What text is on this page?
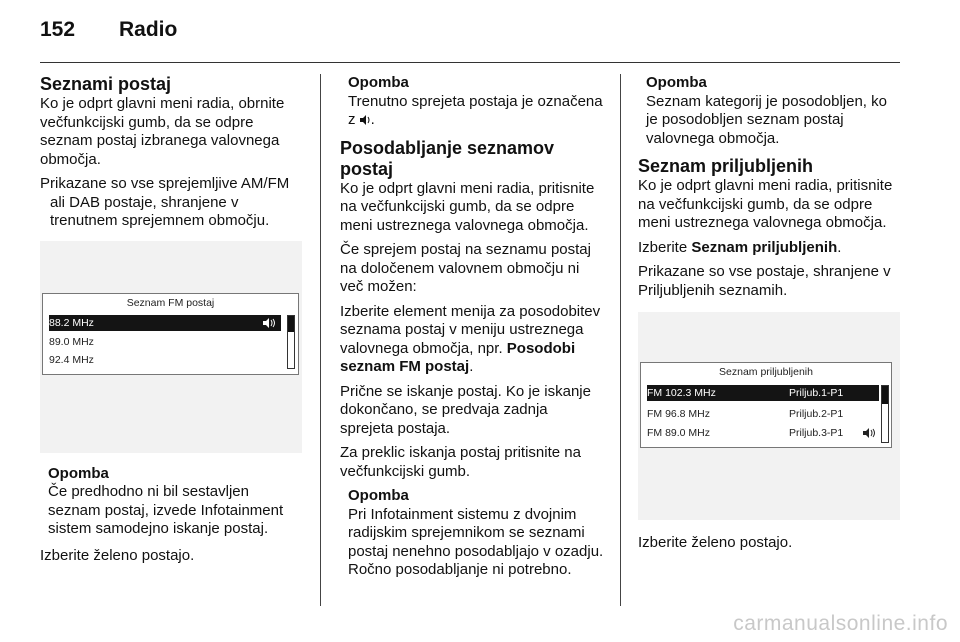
152 Radio
Seznami postaj

Ko je odprt glavni meni radia, obrnite večfunkcijski gumb, da se odpre seznam postaj izbranega valovnega območja.

Prikazane so vse sprejemljive AM/FM ali DAB postaje, shranjene v trenutnem sprejemnem območju.

Seznam FM postaj
88.2 MHz
89.0 MHz
92.4 MHz
Opomba
Če predhodno ni bil sestavljen seznam postaj, izvede Infotainment sistem samodejno iskanje postaj.

Izberite želeno postajo.

Opomba
Trenutno sprejeta postaja je označena z .
Posodabljanje seznamov postaj

Ko je odprt glavni meni radia, pritisnite na večfunkcijski gumb, da se odpre meni ustreznega valovnega območja.

Če sprejem postaj na seznamu postaj na določenem valovnem območju ni več možen:

Izberite element menija za posodobitev seznama postaj v meniju ustreznega valovnega območja, npr. Posodobi seznam FM postaj.

Prične se iskanje postaj. Ko je iskanje dokončano, se predvaja zadnja sprejeta postaja.

Za preklic iskanja postaj pritisnite na večfunkcijski gumb.

Opomba
Pri Infotainment sistemu z dvojnim radijskim sprejemnikom se seznami postaj nenehno posodabljajo v ozadju. Ročno posodabljanje ni potrebno.
Opomba
Seznam kategorij je posodobljen, ko je posodobljen seznam postaj valovnega območja.
Seznam priljubljenih

Ko je odprt glavni meni radia, pritisnite na večfunkcijski gumb, da se odpre meni ustreznega valovnega območja.

Izberite Seznam priljubljenih.

Prikazane so vse postaje, shranjene v Priljubljenih seznamih.

Seznam priljubljenih
FM 102.3 MHz	Priljub.1-P1
FM 96.8 MHz	Priljub.2-P1
FM 89.0 MHz	Priljub.3-P1

Izberite želeno postajo.

carmanualsonline.info
